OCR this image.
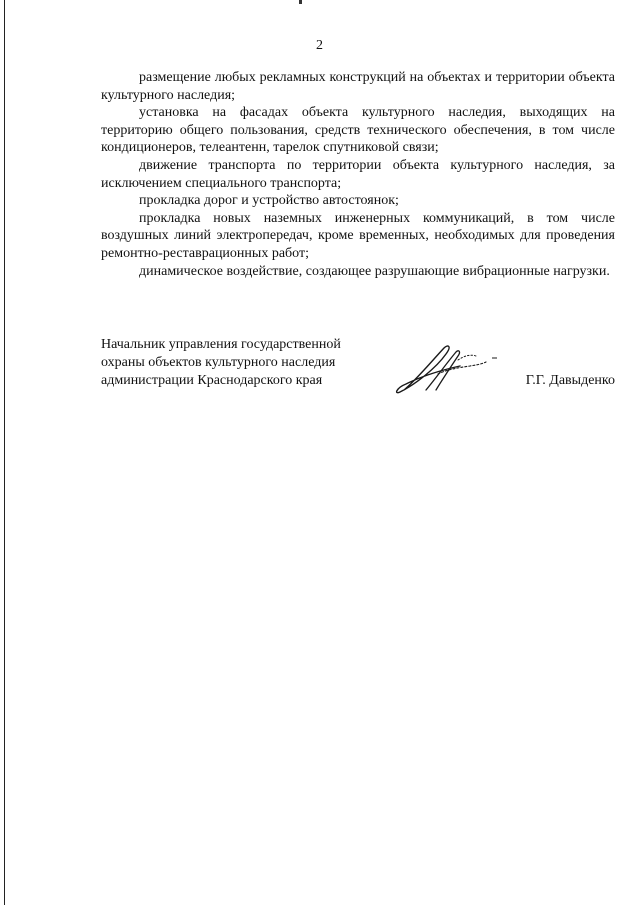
2

размещение любых рекламных конструкций на объектах и территории объекта культурного наследия;

установка на фасадах объекта культурного наследия, выходящих на территорию общего пользования, средств технического обеспечения, в том числе кондиционеров, телеантенн, тарелок спутниковой связи;

движение транспорта по территории объекта культурного наследия, за исключением специального транспорта;

прокладка дорог и устройство автостоянок;

прокладка новых наземных инженерных коммуникаций, в том числе воздушных линий электропередач, кроме временных, необходимых для проведения ремонтно-реставрационных работ;

динамическое воздействие, создающее разрушающие вибрационные нагрузки.

Начальник управления государственной

охраны объектов культурного наследия

администрации Краснодарского края	Г.Г. Давыденко
